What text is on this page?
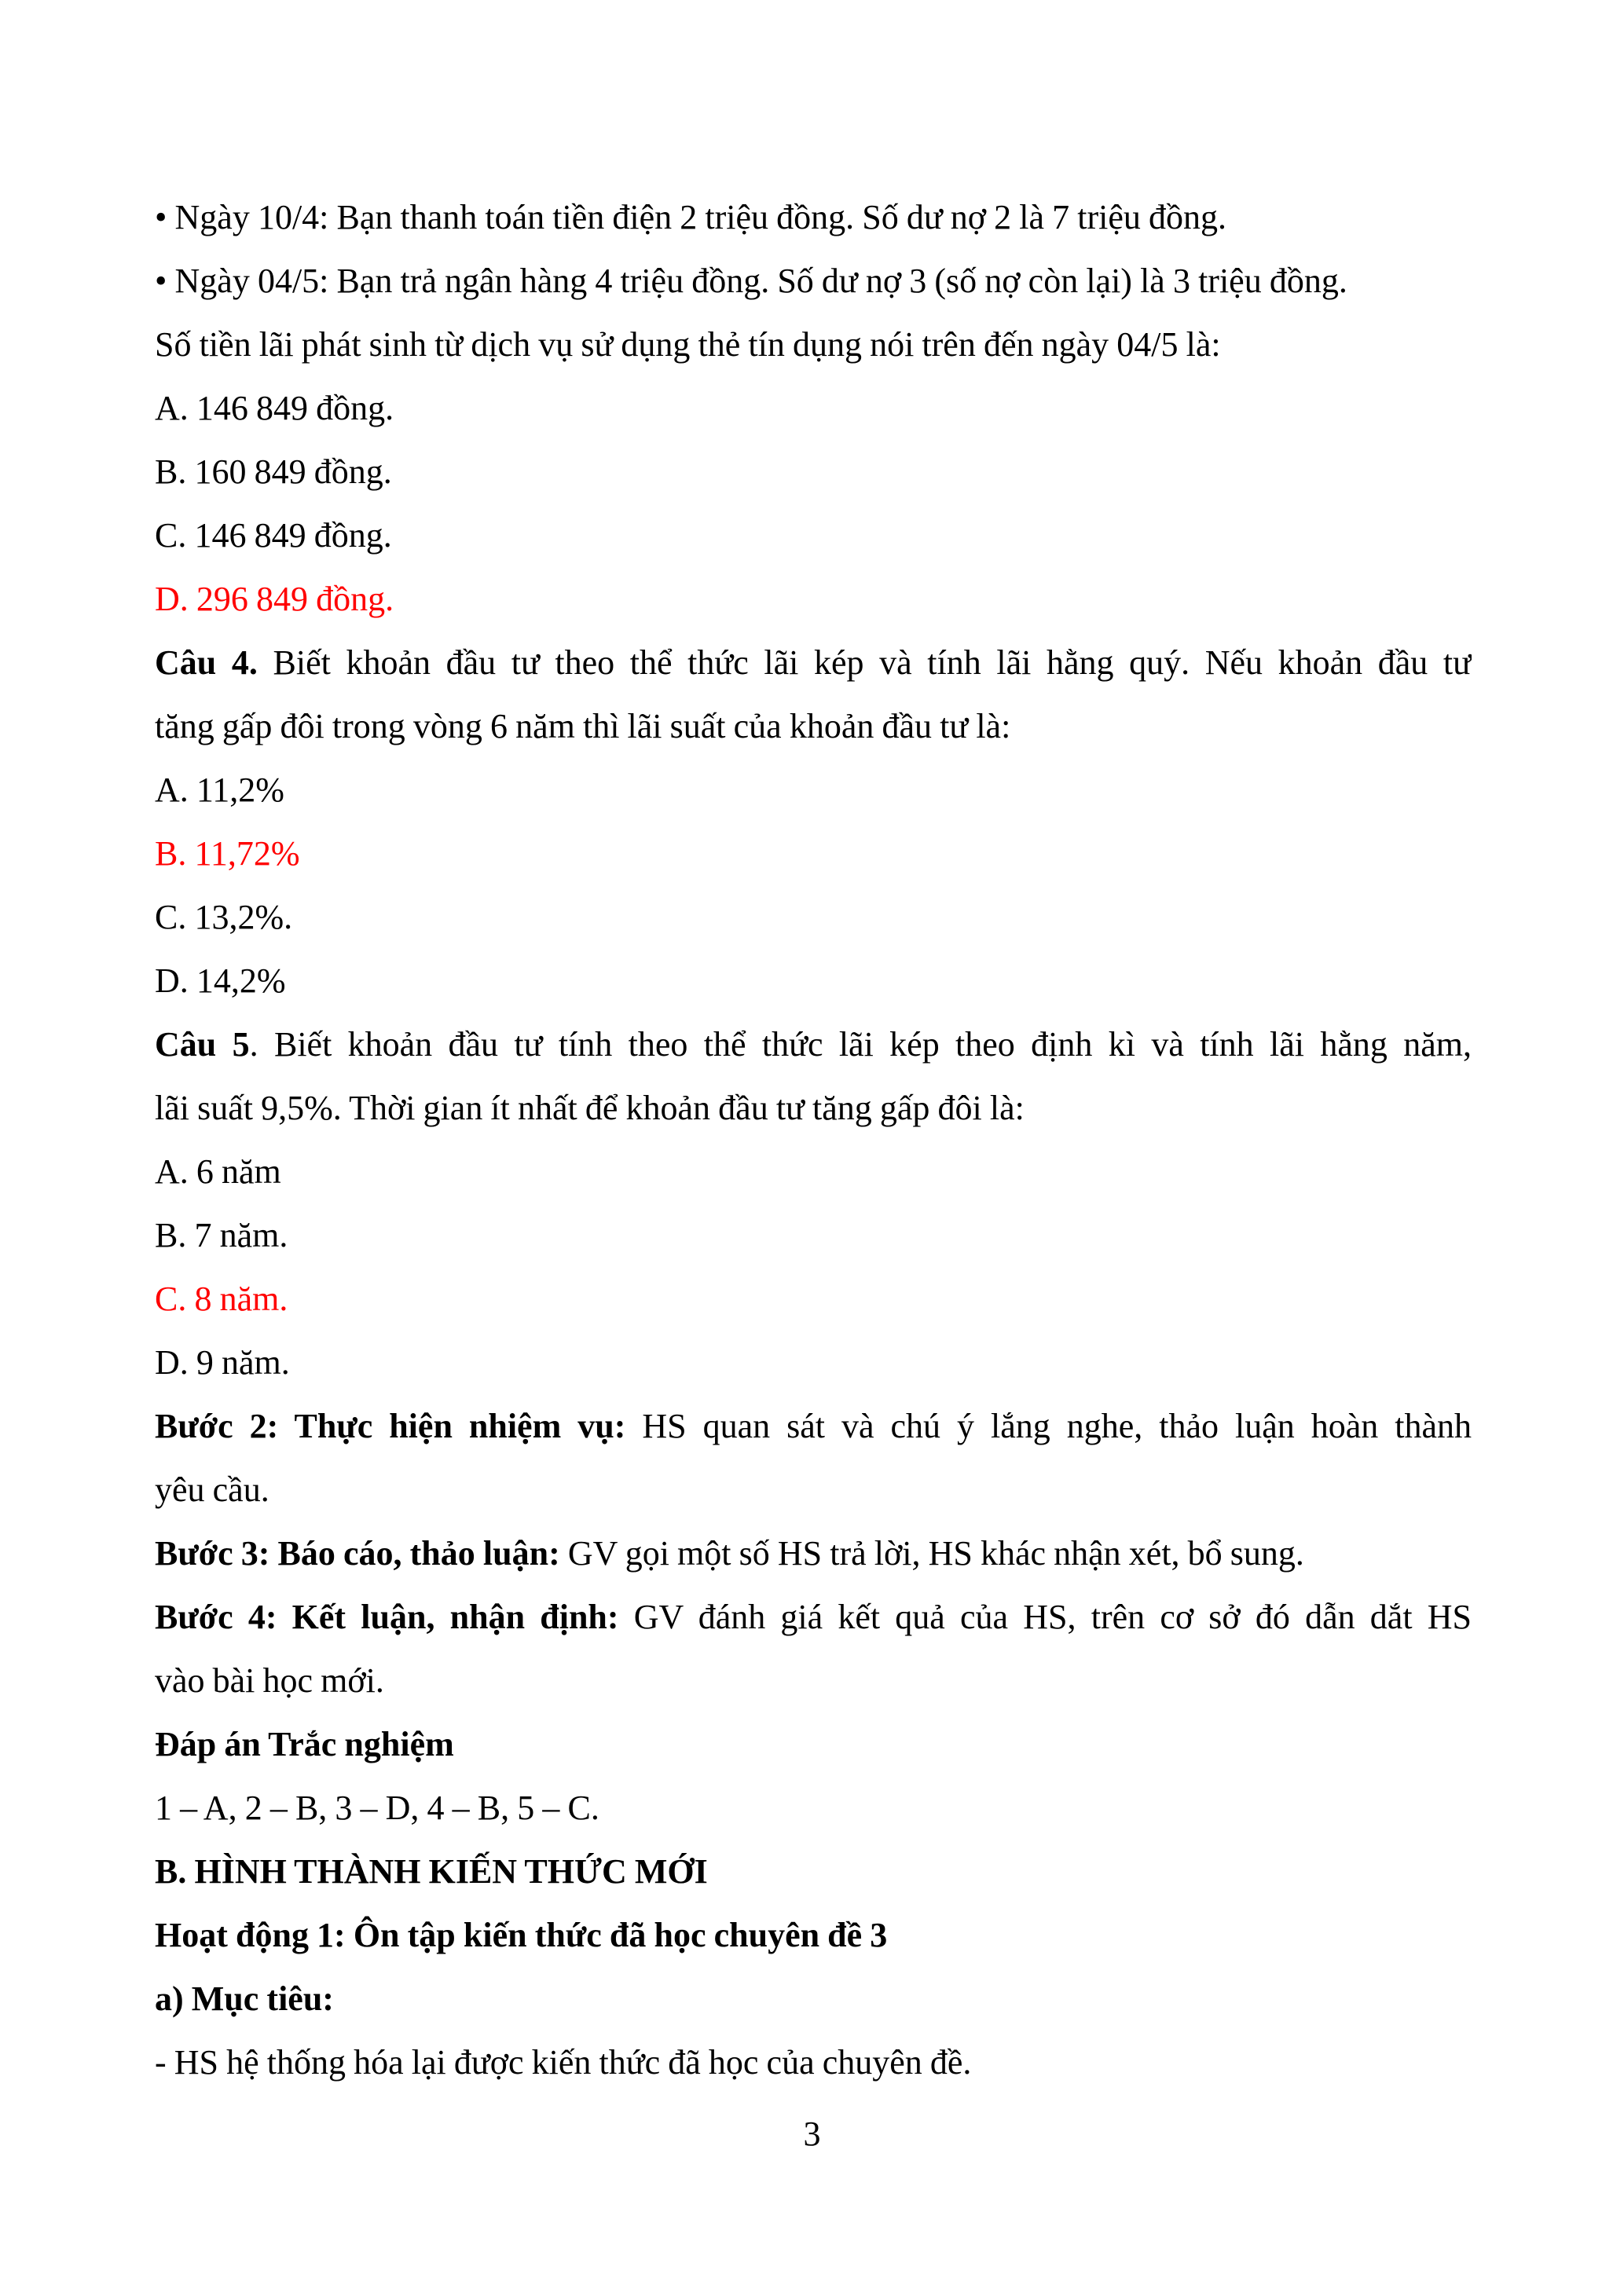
• Ngày 10/4: Bạn thanh toán tiền điện 2 triệu đồng. Số dư nợ 2 là 7 triệu đồng.
• Ngày 04/5: Bạn trả ngân hàng 4 triệu đồng. Số dư nợ 3 (số nợ còn lại) là 3 triệu đồng.
Số tiền lãi phát sinh từ dịch vụ sử dụng thẻ tín dụng nói trên đến ngày 04/5 là:
A. 146 849 đồng.
B. 160 849 đồng.
C. 146 849 đồng.
D. 296 849 đồng.
Câu 4. Biết khoản đầu tư theo thể thức lãi kép và tính lãi hằng quý. Nếu khoản đầu tư
tăng gấp đôi trong vòng 6 năm thì lãi suất của khoản đầu tư là:
A. 11,2%
B. 11,72%
C. 13,2%.
D. 14,2%
Câu 5. Biết khoản đầu tư tính theo thể thức lãi kép theo định kì và tính lãi hằng năm,
lãi suất 9,5%. Thời gian ít nhất để khoản đầu tư tăng gấp đôi là:
A. 6 năm
B. 7 năm.
C. 8 năm.
D. 9 năm.
Bước 2: Thực hiện nhiệm vụ: HS quan sát và chú ý lắng nghe, thảo luận hoàn thành
yêu cầu.
Bước 3: Báo cáo, thảo luận: GV gọi một số HS trả lời, HS khác nhận xét, bổ sung.
Bước 4: Kết luận, nhận định: GV đánh giá kết quả của HS, trên cơ sở đó dẫn dắt HS
vào bài học mới.
Đáp án Trắc nghiệm
1 – A, 2 – B, 3 – D, 4 – B, 5 – C.
B. HÌNH THÀNH KIẾN THỨC MỚI
Hoạt động 1: Ôn tập kiến thức đã học chuyên đề 3
a) Mục tiêu:
- HS hệ thống hóa lại được kiến thức đã học của chuyên đề.
3
